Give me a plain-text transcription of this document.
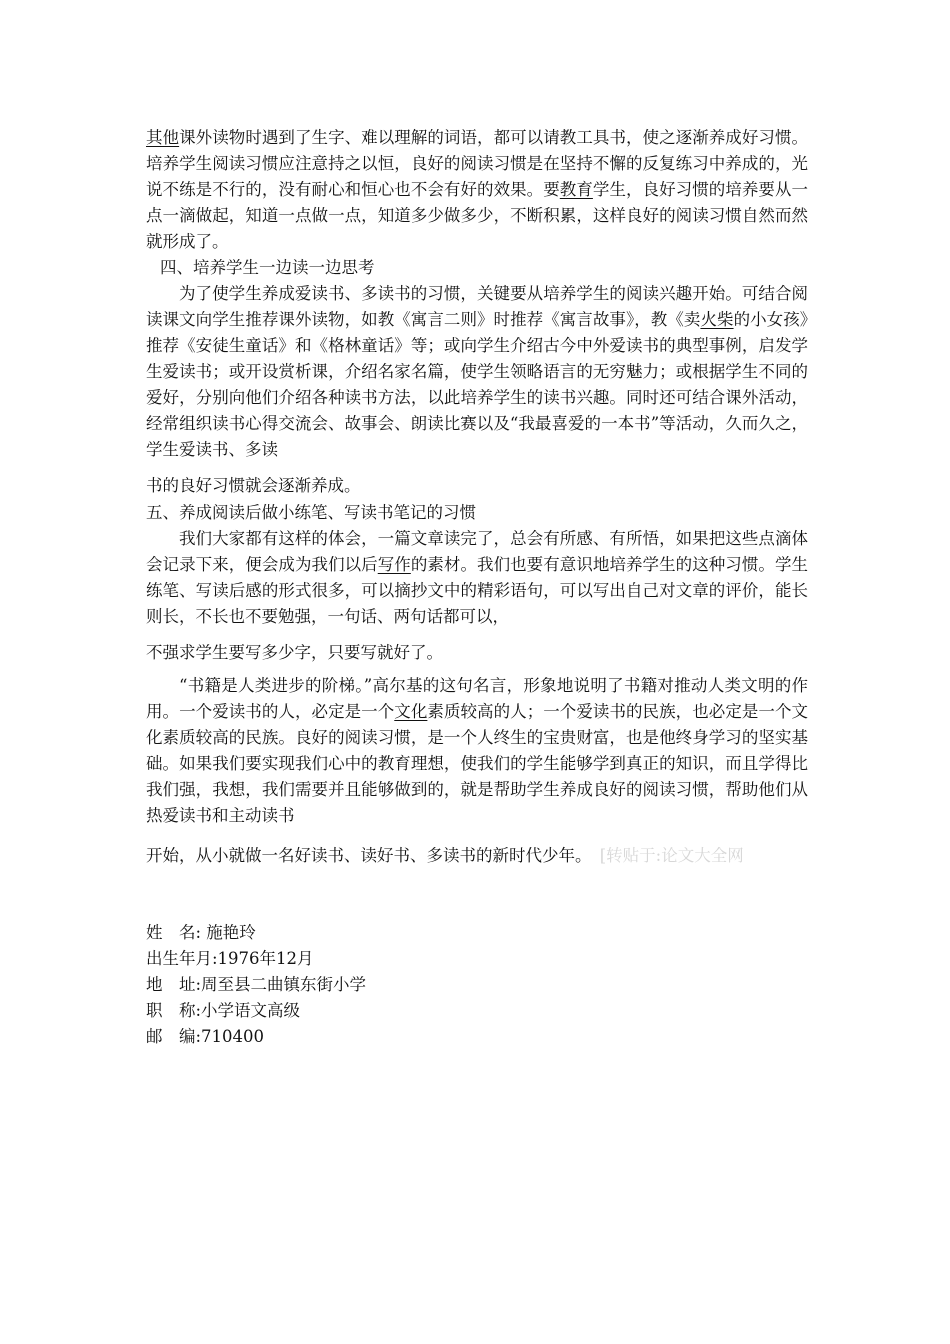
其他课外读物时遇到了生字、难以理解的词语，都可以请教工具书，使之逐渐养成好习惯。培养学生阅读习惯应注意持之以恒，良好的阅读习惯是在坚持不懈的反复练习中养成的，光说不练是不行的，没有耐心和恒心也不会有好的效果。要教育学生，良好习惯的培养要从一点一滴做起，知道一点做一点，知道多少做多少，不断积累，这样良好的阅读习惯自然而然就形成了。

四、培养学生一边读一边思考

为了使学生养成爱读书、多读书的习惯，关键要从培养学生的阅读兴趣开始。可结合阅读课文向学生推荐课外读物，如教《寓言二则》时推荐《寓言故事》，教《卖火柴的小女孩》推荐《安徒生童话》和《格林童话》等；或向学生介绍古今中外爱读书的典型事例，启发学生爱读书；或开设赏析课，介绍名家名篇，使学生领略语言的无穷魅力；或根据学生不同的爱好，分别向他们介绍各种读书方法，以此培养学生的读书兴趣。同时还可结合课外活动，经常组织读书心得交流会、故事会、朗读比赛以及“我最喜爱的一本书”等活动，久而久之，学生爱读书、多读

书的良好习惯就会逐渐养成。

五、养成阅读后做小练笔、写读书笔记的习惯

我们大家都有这样的体会，一篇文章读完了，总会有所感、有所悟，如果把这些点滴体会记录下来，便会成为我们以后写作的素材。我们也要有意识地培养学生的这种习惯。学生练笔、写读后感的形式很多，可以摘抄文中的精彩语句，可以写出自己对文章的评价，能长则长，不长也不要勉强，一句话、两句话都可以，

不强求学生要写多少字，只要写就好了。

“书籍是人类进步的阶梯。”高尔基的这句名言，形象地说明了书籍对推动人类文明的作用。一个爱读书的人，必定是一个文化素质较高的人；一个爱读书的民族，也必定是一个文化素质较高的民族。良好的阅读习惯，是一个人终生的宝贵财富，也是他终身学习的坚实基础。如果我们要实现我们心中的教育理想，使我们的学生能够学到真正的知识，而且学得比我们强，我想，我们需要并且能够做到的，就是帮助学生养成良好的阅读习惯，帮助他们从热爱读书和主动读书

开始，从小就做一名好读书、读好书、多读书的新时代少年。　 [转贴于:论文大全网

姓　名: 施艳玲

出生年月:1976年12月

地　址:周至县二曲镇东街小学

职　称:小学语文高级

邮　编:710400
